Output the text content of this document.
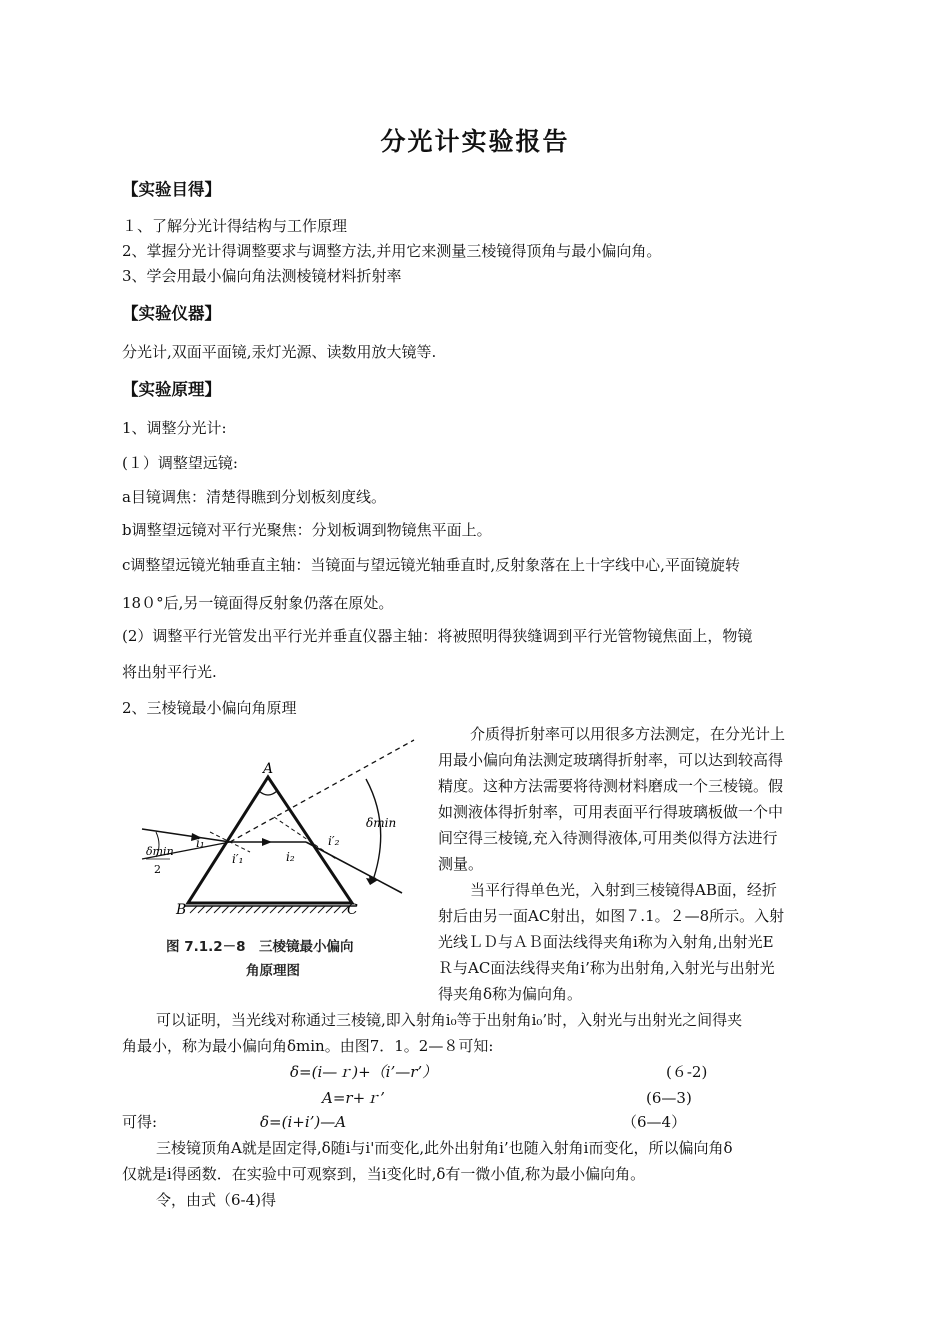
分光计实验报告
【实验目得】
１、了解分光计得结构与工作原理
2、掌握分光计得调整要求与调整方法,并用它来测量三棱镜得顶角与最小偏向角。
3、学会用最小偏向角法测棱镜材料折射率
【实验仪器】
分光计,双面平面镜,汞灯光源、读数用放大镜等.
【实验原理】
1、调整分光计:
(１）调整望远镜:
a目镜调焦：清楚得瞧到分划板刻度线。
b调整望远镜对平行光聚焦：分划板调到物镜焦平面上。
c调整望远镜光轴垂直主轴：当镜面与望远镜光轴垂直时,反射象落在上十字线中心,平面镜旋转
18０°后,另一镜面得反射象仍落在原处。
(2）调整平行光管发出平行光并垂直仪器主轴：将被照明得狭缝调到平行光管物镜焦面上，物镜
将出射平行光.
2、三棱镜最小偏向角原理
A
B	C
i₁
i′₁	i₂
i′₂
δmin
δmin
2
图 7.1.2－8　三棱镜最小偏向
角原理图
介质得折射率可以用很多方法测定，在分光计上
用最小偏向角法测定玻璃得折射率，可以达到较高得
精度。这种方法需要将待测材料磨成一个三棱镜。假
如测液体得折射率，可用表面平行得玻璃板做一个中
间空得三棱镜,充入待测得液体,可用类似得方法进行
测量。
当平行得单色光，入射到三棱镜得AB面，经折
射后由另一面AC射出，如图７.1。２—8所示。入射
光线ＬＤ与ＡＢ面法线得夹角i称为入射角,出射光E
Ｒ与AC面法线得夹角i’称为出射角,入射光与出射光
得夹角δ称为偏向角。
可以证明，当光线对称通过三棱镜,即入射角i₀等于出射角i₀’时，入射光与出射光之间得夹
角最小，称为最小偏向角δmin。由图7．1。2—８可知:
δ=(i—ｒ)+（i’—r’）	(６-2)
A=r+ｒ’	(6—3)
可得:	δ=(i+i’)—A	（6—4）
三棱镜顶角A就是固定得,δ随i与i'而变化,此外出射角i’也随入射角i而变化，所以偏向角δ
仅就是i得函数．在实验中可观察到，当i变化时,δ有一微小值,称为最小偏向角。
令，由式（6-4)得
